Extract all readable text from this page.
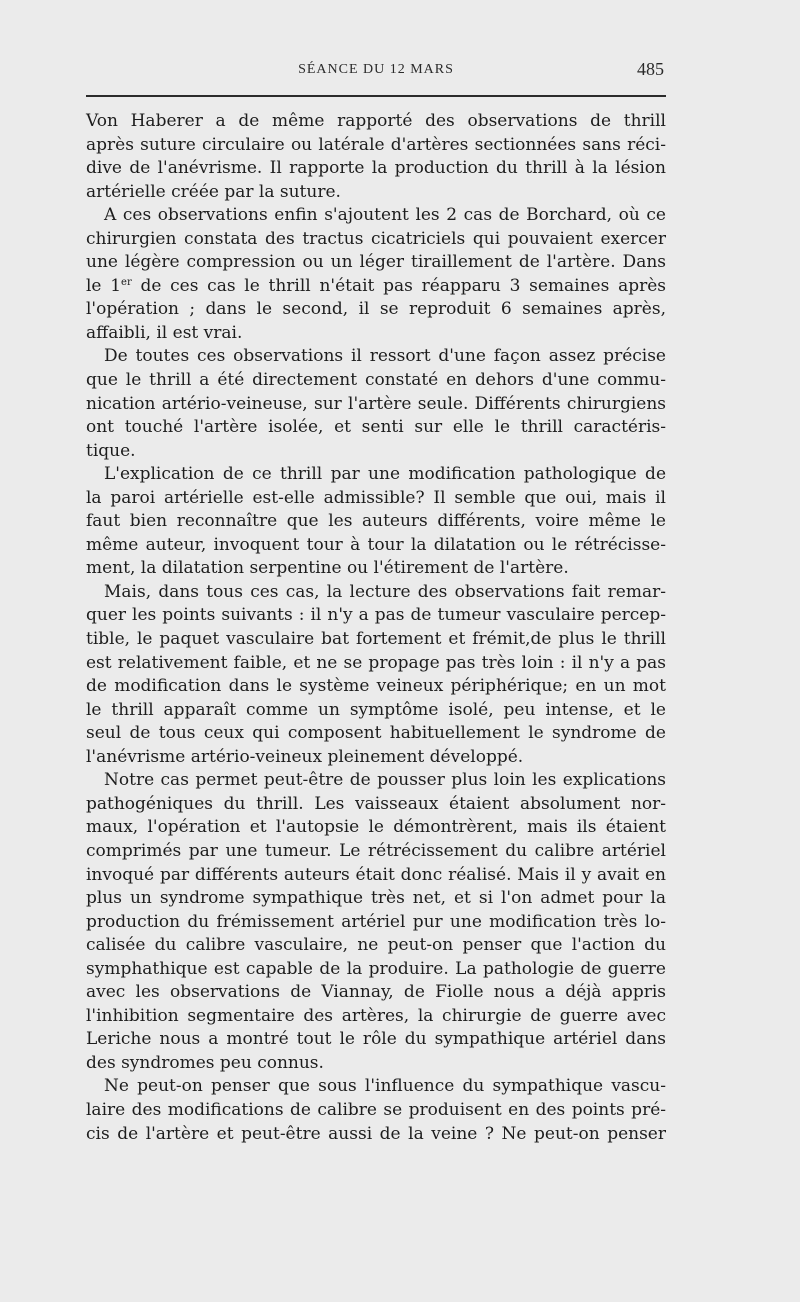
SÉANCE DU 12 MARS	485
Von Haberer a de même rapporté des observations de thrill
après suture circulaire ou latérale d'artères sectionnées sans réci-
dive de l'anévrisme. Il rapporte la production du thrill à la lésion
artérielle créée par la suture.
A ces observations enfin s'ajoutent les 2 cas de Borchard, où ce
chirurgien constata des tractus cicatriciels qui pouvaient exercer
une légère compression ou un léger tiraillement de l'artère. Dans
le 1er de ces cas le thrill n'était pas réapparu 3 semaines après
l'opération ; dans le second, il se reproduit 6 semaines après,
affaibli, il est vrai.
De toutes ces observations il ressort d'une façon assez précise
que le thrill a été directement constaté en dehors d'une commu-
nication artério-veineuse, sur l'artère seule. Différents chirurgiens
ont touché l'artère isolée, et senti sur elle le thrill caractéris-
tique.
L'explication de ce thrill par une modification pathologique de
la paroi artérielle est-elle admissible? Il semble que oui, mais il
faut bien reconnaître que les auteurs différents, voire même le
même auteur, invoquent tour à tour la dilatation ou le rétrécisse-
ment, la dilatation serpentine ou l'étirement de l'artère.
Mais, dans tous ces cas, la lecture des observations fait remar-
quer les points suivants : il n'y a pas de tumeur vasculaire percep-
tible, le paquet vasculaire bat fortement et frémit,de plus le thrill
est relativement faible, et ne se propage pas très loin : il n'y a pas
de modification dans le système veineux périphérique; en un mot
le thrill apparaît comme un symptôme isolé, peu intense, et le
seul de tous ceux qui composent habituellement le syndrome de
l'anévrisme artério-veineux pleinement développé.
Notre cas permet peut-être de pousser plus loin les explications
pathogéniques du thrill. Les vaisseaux étaient absolument nor-
maux, l'opération et l'autopsie le démontrèrent, mais ils étaient
comprimés par une tumeur. Le rétrécissement du calibre artériel
invoqué par différents auteurs était donc réalisé. Mais il y avait en
plus un syndrome sympathique très net, et si l'on admet pour la
production du frémissement artériel pur une modification très lo-
calisée du calibre vasculaire, ne peut-on penser que l'action du
symphathique est capable de la produire. La pathologie de guerre
avec les observations de Viannay, de Fiolle nous a déjà appris
l'inhibition segmentaire des artères, la chirurgie de guerre avec
Leriche nous a montré tout le rôle du sympathique artériel dans
des syndromes peu connus.
Ne peut-on penser que sous l'influence du sympathique vascu-
laire des modifications de calibre se produisent en des points pré-
cis de l'artère et peut-être aussi de la veine ? Ne peut-on penser
